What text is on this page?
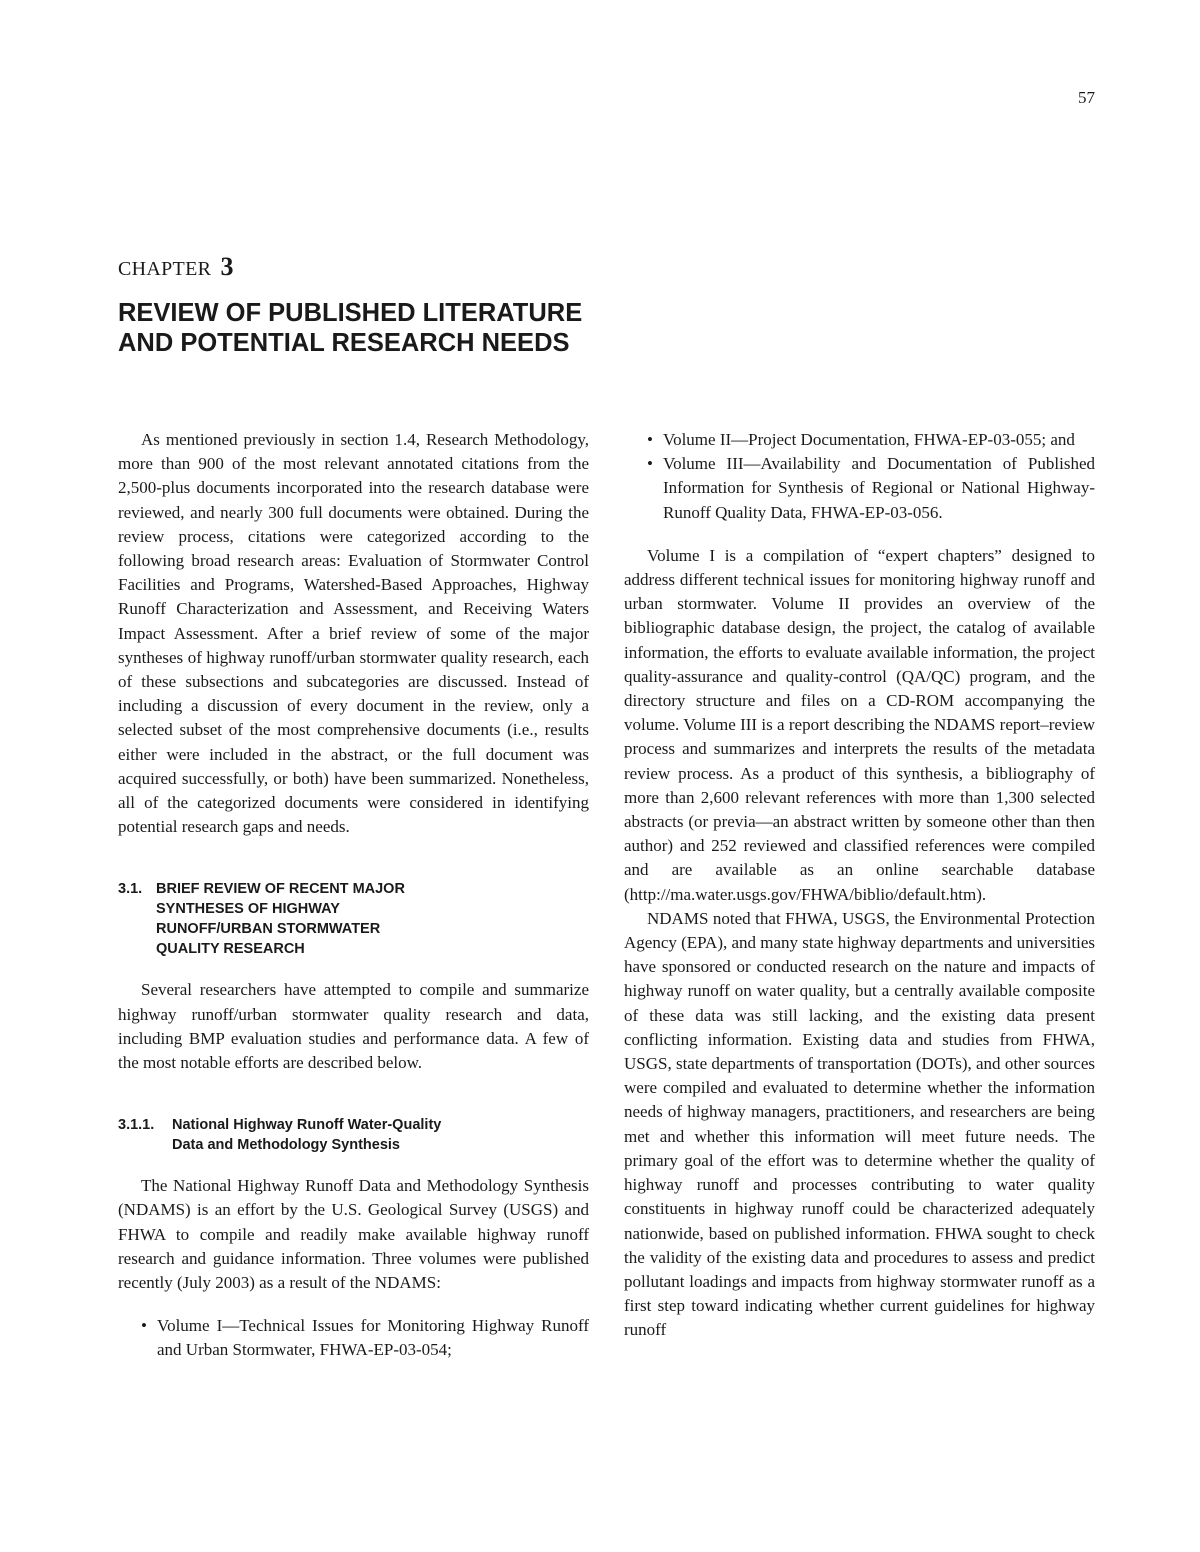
57
CHAPTER 3
REVIEW OF PUBLISHED LITERATURE
AND POTENTIAL RESEARCH NEEDS

As mentioned previously in section 1.4, Research Methodology, more than 900 of the most relevant annotated citations from the 2,500-plus documents incorporated into the research database were reviewed, and nearly 300 full documents were obtained. During the review process, citations were categorized according to the following broad research areas: Evaluation of Stormwater Control Facilities and Programs, Watershed-Based Approaches, Highway Runoff Characterization and Assessment, and Receiving Waters Impact Assessment. After a brief review of some of the major syntheses of highway runoff/urban stormwater quality research, each of these subsections and subcategories are discussed. Instead of including a discussion of every document in the review, only a selected subset of the most comprehensive documents (i.e., results either were included in the abstract, or the full document was acquired successfully, or both) have been summarized. Nonetheless, all of the categorized documents were considered in identifying potential research gaps and needs.

3.1. BRIEF REVIEW OF RECENT MAJOR
SYNTHESES OF HIGHWAY
RUNOFF/URBAN STORMWATER
QUALITY RESEARCH

Several researchers have attempted to compile and summarize highway runoff/urban stormwater quality research and data, including BMP evaluation studies and performance data. A few of the most notable efforts are described below.

3.1.1. National Highway Runoff Water-Quality
Data and Methodology Synthesis

The National Highway Runoff Data and Methodology Synthesis (NDAMS) is an effort by the U.S. Geological Survey (USGS) and FHWA to compile and readily make available highway runoff research and guidance information. Three volumes were published recently (July 2003) as a result of the NDAMS:

• Volume I—Technical Issues for Monitoring Highway Runoff and Urban Stormwater, FHWA-EP-03-054;
• Volume II—Project Documentation, FHWA-EP-03-055; and
• Volume III—Availability and Documentation of Published Information for Synthesis of Regional or National Highway-Runoff Quality Data, FHWA-EP-03-056.

Volume I is a compilation of “expert chapters” designed to address different technical issues for monitoring highway runoff and urban stormwater. Volume II provides an overview of the bibliographic database design, the project, the catalog of available information, the efforts to evaluate available information, the project quality-assurance and quality-control (QA/QC) program, and the directory structure and files on a CD-ROM accompanying the volume. Volume III is a report describing the NDAMS report–review process and summarizes and interprets the results of the metadata review process. As a product of this synthesis, a bibliography of more than 2,600 relevant references with more than 1,300 selected abstracts (or previa—an abstract written by someone other than then author) and 252 reviewed and classified references were compiled and are available as an online searchable database (http://ma.water.usgs.gov/FHWA/biblio/default.htm).

NDAMS noted that FHWA, USGS, the Environmental Protection Agency (EPA), and many state highway departments and universities have sponsored or conducted research on the nature and impacts of highway runoff on water quality, but a centrally available composite of these data was still lacking, and the existing data present conflicting information. Existing data and studies from FHWA, USGS, state departments of transportation (DOTs), and other sources were compiled and evaluated to determine whether the information needs of highway managers, practitioners, and researchers are being met and whether this information will meet future needs. The primary goal of the effort was to determine whether the quality of highway runoff and processes contributing to water quality constituents in highway runoff could be characterized adequately nationwide, based on published information. FHWA sought to check the validity of the existing data and procedures to assess and predict pollutant loadings and impacts from highway stormwater runoff as a first step toward indicating whether current guidelines for highway runoff
